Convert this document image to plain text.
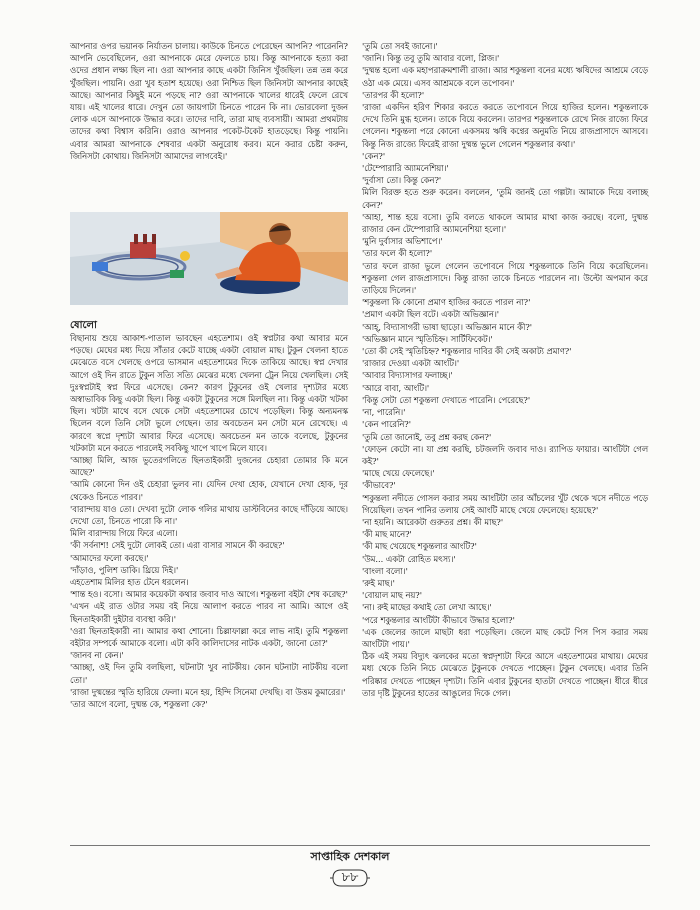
আপনার ওপর ভয়ানক নির্যাতন চালায়। কাউকে চিনতে পেরেছেন আপনি? পারেননি? আপনি ভেবেছিলেন, ওরা আপনাকে মেরে ফেলতে চায়। কিন্তু আপনাকে হত্যা করা ওদের প্রধান লক্ষ্য ছিল না। ওরা আপনার কাছে একটা জিনিস খুঁজছিল। তন্ন তন্ন করে খুঁজছিল। পায়নি। ওরা খুব হতাশ হয়েছে। ওরা নিশ্চিত ছিল জিনিসটা আপনার কাছেই আছে। আপনার কিছুই মনে পড়ছে না? ওরা আপনাকে খালের ধারেই ফেলে রেখে যায়। এই খালের ধারে। দেখুন তো জায়গাটা চিনতে পারেন কি না। ভোরবেলা দুজন লোক এসে আপনাকে উদ্ধার করে। তাদের দাবি, তারা মাছ ব্যবসায়ী। আমরা প্রথমটায় তাদের কথা বিশ্বাস করিনি। ওরাও আপনার পকেট-টকেট হাতড়েছে। কিন্তু পায়নি। এবার আমরা আপনাকে শেষবার একটা অনুরোধ করব। মনে করার চেষ্টা করুন, জিনিসটা কোথায়। জিনিসটা আমাদের লাগবেই।'

ষোলো

বিছানায় শুয়ে আকাশ-পাতাল ভাবছেন এহতেশাম। ওই স্বপ্নটার কথা আবার মনে পড়ছে। মেঘের মধ্য দিয়ে সাঁতার কেটে যাচ্ছে একটা বোয়াল মাছ। টুকুন খেলনা হাতে মেঝেতে বসে খেলছে ওপরে ভাসমান এহতেশামের দিকে তাকিয়ে আছে। স্বপ্ন দেখার আগে ওই দিন রাতে টুকুন সত্যি সত্যি মেঝের মধ্যে খেলনা ট্রেন নিয়ে খেলছিল। সেই দুঃস্বপ্নটাই স্বপ্ন ফিরে এসেছে। কেন? কারণ টুকুনের ওই খেলার দৃশ্যটার মধ্যে অস্বাভাবিক কিছু একটা ছিল। কিন্তু একটা টুকুনের সঙ্গে মিলছিল না। কিন্তু একটা খটকা ছিল। খটটা মাথে বসে থেকে সেটা এহতেশামের চোখে পড়েছিল। কিন্তু অন্যমনস্ক ছিলেন বলে তিনি সেটা ভুলে গেছেন। তার অবচেতন মন সেটা মনে রেখেছে। এ কারণে স্বপ্নে দৃশ্যটা আবার ফিরে এসেছে। অবচেতন মন তাকে বলেছে, টুকুনের খটকাটা মনে করতে পারলেই সবকিছু খাপে খাপে মিলে যাবে।
'আচ্ছা মিলি, আজ ভুতেরগলিতে ছিনতাইকারী দুজনের চেহারা তোমার কি মনে আছে?'
'আমি কোনো দিন ওই চেহারা ভুলব না। যেদিন দেখা হোক, যেখানে দেখা হোক, দূর থেকেও চিনতে পারব।'
'বারান্দায় যাও তো। দেখবা দুটো লোক গলির মাথায় ডাস্টবিনের কাছে দাঁড়িয়ে আছে। দেখো তো, চিনতে পারো কি না।'
মিলি বারান্দায় গিয়ে ফিরে এলো।
'কী সর্বনাশ! সেই দুটো লোকই তো। এরা বাসার সামনে কী করছে?'
'আমাদের ফলো করছে।'
'দাঁড়াও, পুলিশ ডাকি। থ্রিয়ে দিই।'
এহতেশাম মিলির হাত টেনে ধরলেন।
'শান্ত হও। বসো। আমার কয়েকটা কথার জবাব দাও আগে। শকুন্তলা বইটা শেষ করেছ?'
'এখন এই রাত ওটার সময় বই নিয়ে আলাপ করতে পারব না আমি। আগে ওই ছিনতাইকারী দুইটার ব্যবস্থা করি।'
'ওরা ছিনতাইকারী না। আমার কথা শোনো। চিল্লাফাল্লা করে লাভ নাই। তুমি শকুন্তলা বইটার সম্পর্কে আমাকে বলো। এটা কবি কালিদাসের নাটক একটা, জানো তো?'
'জানব না কেন।'
'আচ্ছা, ওই দিন তুমি বলছিলা, ঘটনাটা খুব নাটকীয়। কোন ঘটনাটা নাটকীয় বলো তো।'
'রাজা দুষ্মন্তের স্মৃতি হারিয়ে ফেলা। মনে হয়, হিন্দি সিনেমা দেখছি। বা উত্তম কুমারের।'
'তার আগে বলো, দুষ্মন্ত কে, শকুন্তলা কে?'

'তুমি তো সবই জানো।'
'জানি। কিন্তু তবু তুমি আবার বলো, প্লিজ।'
'দুষ্মন্ত হলো এক মহাপরাক্রমশালী রাজা। আর শকুন্তলা বনের মধ্যে ঋষিদের আশ্রমে বেড়ে ওঠা এক মেয়ে। এসব আশ্রমকে বলে তপোবন।'
'তারপর কী হলো?'
'রাজা একদিন হরিণ শিকার করতে করতে তপোবনে গিয়ে হাজির হলেন। শকুন্তলাকে দেখে তিনি মুগ্ধ হলেন। তাকে বিয়ে করলেন। তারপর শকুন্তলাকে রেখে নিজ রাজ্যে ফিরে গেলেন। শকুন্তলা পরে কোনো একসময় ঋষি কণ্বের অনুমতি নিয়ে রাজপ্রাসাদে আসবে। কিন্তু নিজ রাজ্যে ফিরেই রাজা দুষ্মন্ত ভুলে গেলেন শকুন্তলার কথা।'
'কেন?'
'টেম্পোরারি অ্যামনেশিয়া।'
'দুর্বাসা তো। কিন্তু কেন?'
মিলি বিরক্ত হতে শুরু করেন। বললেন, 'তুমি জানই তো গল্পটা। আমাকে দিয়ে বলাচ্ছ কেন?'
'আহা, শান্ত হয়ে বসো। তুমি বলতে থাকলে আমার মাথা কাজ করছে। বলো, দুষ্মন্ত রাজার কেন টেম্পোরারি অ্যামনেশিয়া হলো।'
'মুনি দুর্বাসার অভিশাপে।'
'তার ফলে কী হলো?'
'তার ফলে রাজা ভুলে গেলেন তপোবনে গিয়ে শকুন্তলাকে তিনি বিয়ে করেছিলেন। শকুন্তলা গেল রাজপ্রাসাদে। কিন্তু রাজা তাকে চিনতে পারলেন না। উল্টো অপমান করে তাড়িয়ে দিলেন।'
'শকুন্তলা কি কোনো প্রমাণ হাজির করতে পারল না?'
'প্রমাণ একটা ছিল বটে। একটা অভিজ্ঞান।'
'আহ্, বিদ্যাসাগরী ভাষা ছাড়ো। অভিজ্ঞান মানে কী?'
'অভিজ্ঞান মানে স্মৃতিচিহ্ন। সার্টিফিকেট।'
'তো কী সেই স্মৃতিচিহ্ন? শকুন্তলার দাবির কী সেই অকাট্য প্রমাণ?'
'রাজার দেওয়া একটা আংটি।'
'আবার বিদ্যাসাগর ফলাচ্ছ।'
'আরে বাবা, আংটি।'
'কিন্তু সেটা তো শকুন্তলা দেখাতে পারেনি। পেরেছে?'
'না, পারেনি।'
'কেন পারেনি?'
'তুমি তো জানোই, তবু প্রশ্ন করছ কেন?'
'ফোড়ন কেটো না। যা প্রশ্ন করছি, চটজলদি জবাব দাও। র‍্যাপিড ফায়ার। আংটিটা গেল কই?'
'মাছে খেয়ে ফেলেছে।'
'কীভাবে?'
'শকুন্তলা নদীতে গোসল করার সময় আংটিটা তার আঁচলের খুঁট থেকে খসে নদীতে পড়ে গিয়েছিল। তখন পানির তলায় সেই আংটি মাছে খেয়ে ফেলেছে। হয়েছে?'
'না হয়নি। আরেকটা গুরুতর প্রশ্ন। কী মাছ?'
'কী মাছ মানে?'
'কী মাছ খেয়েছে শকুন্তলার আংটি?'
'উম... একটা রোহিত মৎস্য।'
'বাংলা বলো।'
'রুই মাছ।'
'বোয়াল মাছ নয়?'
'না। রুই মাছের কথাই তো লেখা আছে।'
'পরে শকুন্তলার আংটিটা কীভাবে উদ্ধার হলো?'
'এক জেলের জালে মাছটা ধরা পড়েছিল। জেলে মাছ কেটে পিস পিস করার সময় আংটিটা পায়।'
ঠিক এই সময় বিদ্যুৎ ঝলকের মতো স্বপ্নদৃশ্যটা ফিরে আসে এহতেশামের মাথায়। মেঘের মধ্য থেকে তিনি নিচে মেঝেতে টুকুনকে দেখতে পাচ্ছেন। টুকুন খেলছে। এবার তিনি পরিষ্কার দেখতে পাচ্ছেন দৃশ্যটা। তিনি এবার টুকুনের হাতটা দেখতে পাচ্ছেন। ধীরে ধীরে তার দৃষ্টি টুকুনের হাতের আঙুলের দিকে গেল।

সাপ্তাহিক দেশকাল
৮৮
